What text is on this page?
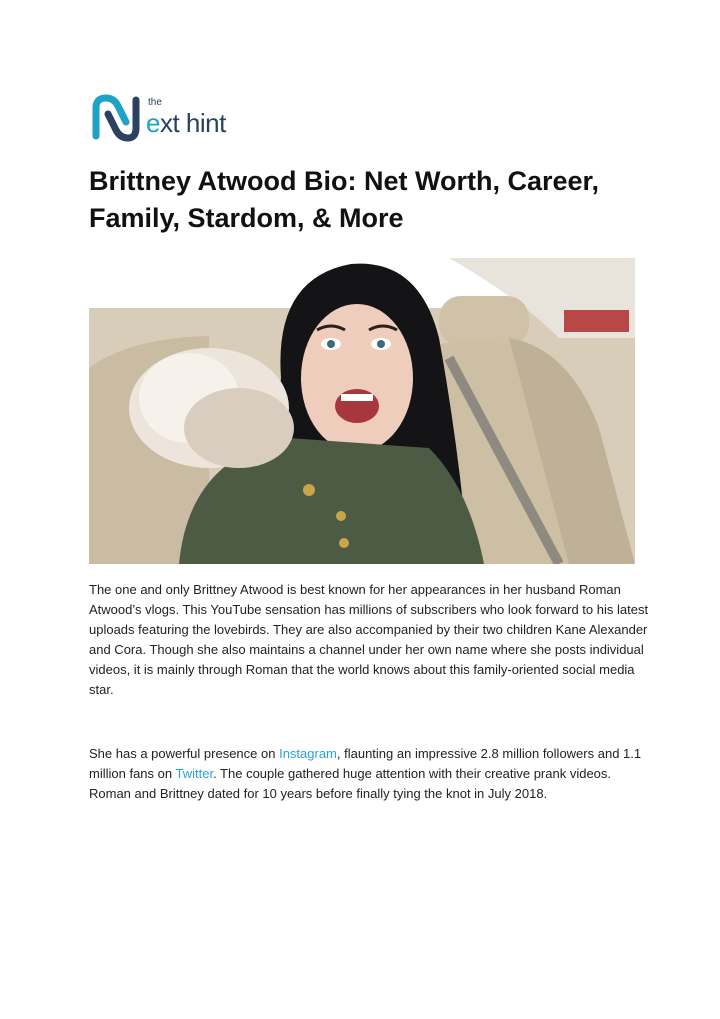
the
ext hint
Brittney Atwood Bio: Net Worth, Career, Family, Stardom, & More

The one and only Brittney Atwood is best known for her appearances in her husband Roman Atwood’s vlogs. This YouTube sensation has millions of subscribers who look forward to his latest uploads featuring the lovebirds. They are also accompanied by their two children Kane Alexander and Cora. Though she also maintains a channel under her own name where she posts individual videos, it is mainly through Roman that the world knows about this family-oriented social media star.

She has a powerful presence on Instagram, flaunting an impressive 2.8 million followers and 1.1 million fans on Twitter. The couple gathered huge attention with their creative prank videos. Roman and Brittney dated for 10 years before finally tying the knot in July 2018.
